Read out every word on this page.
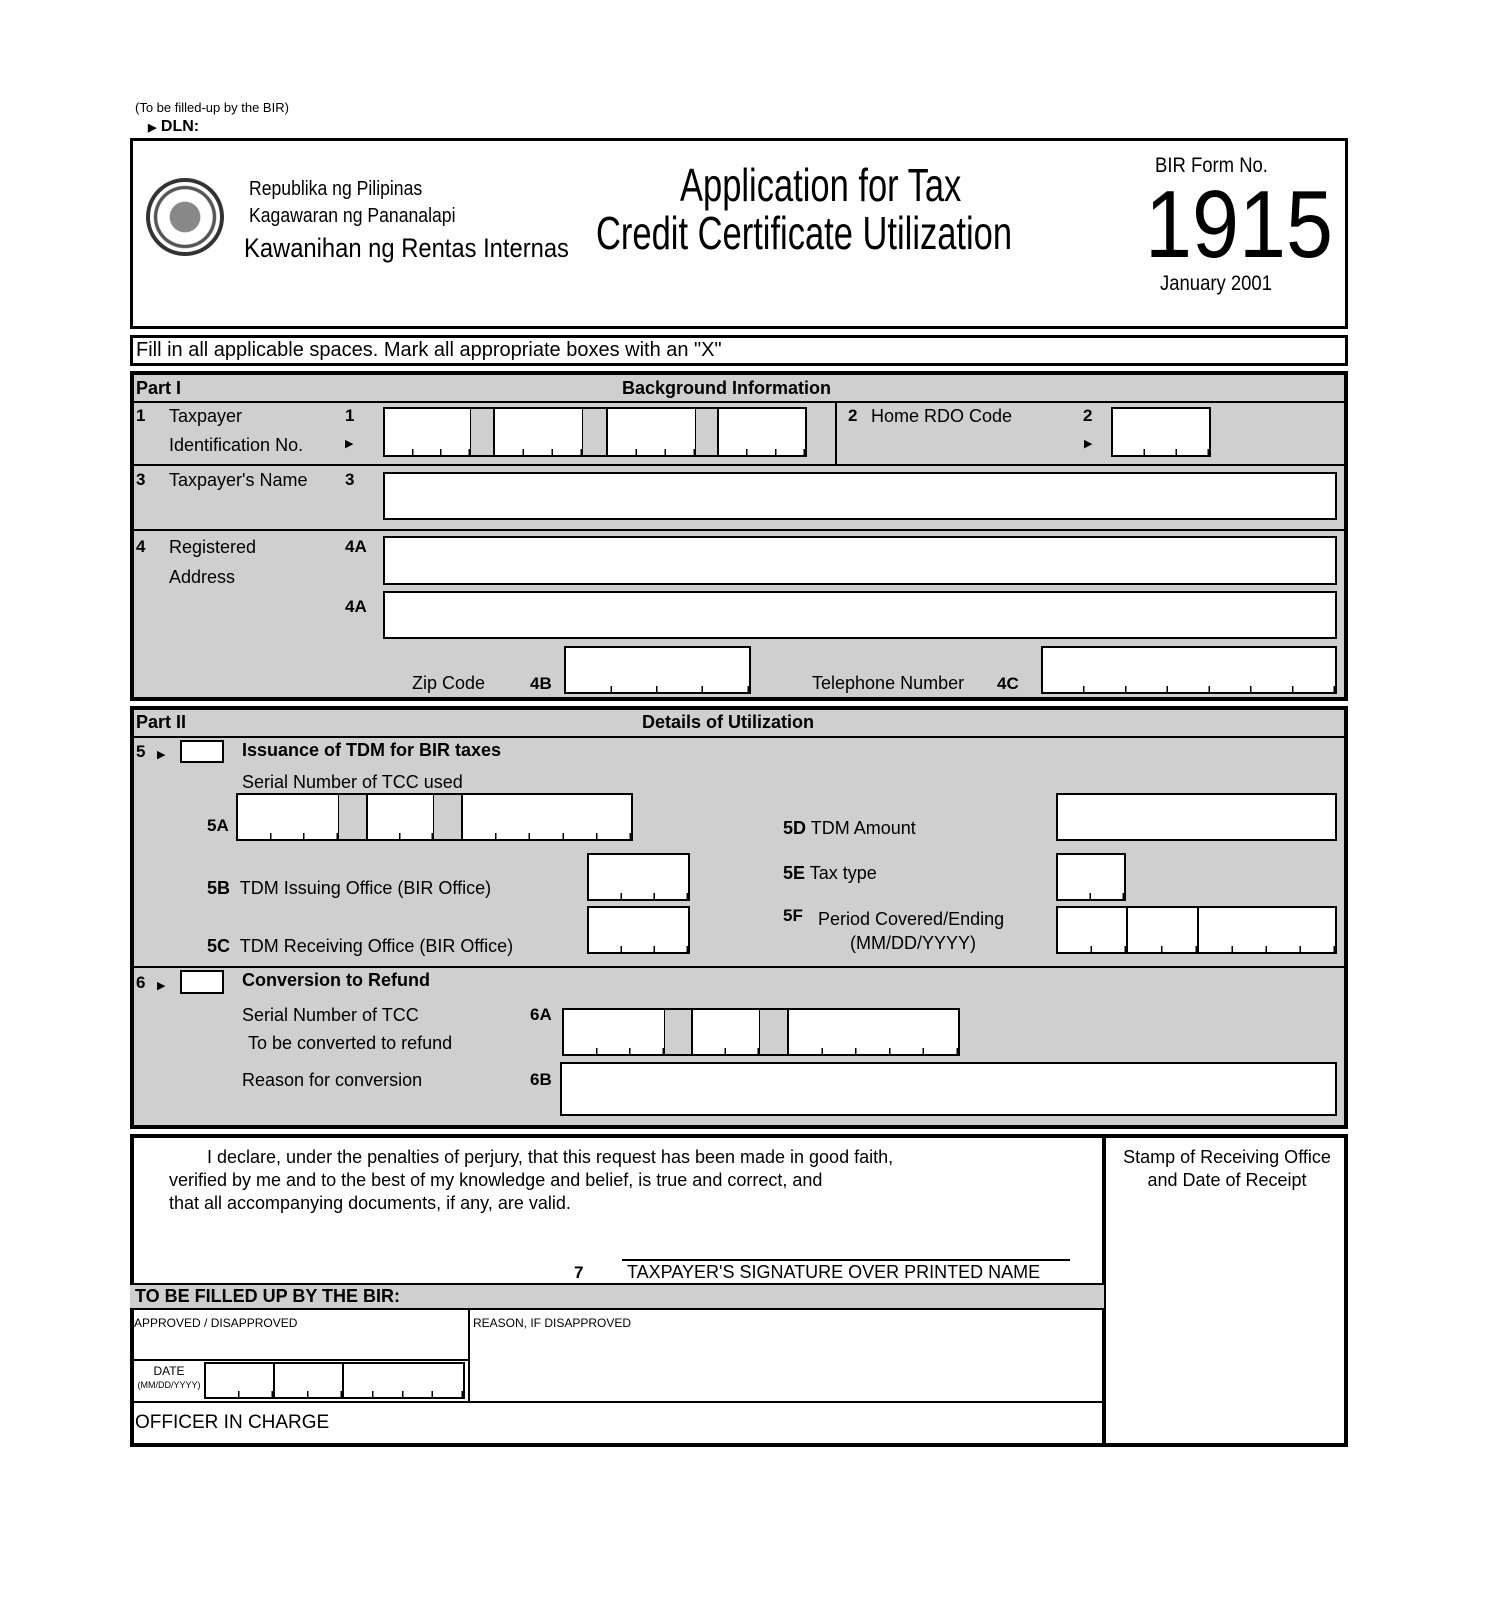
(To be filled-up by the BIR)
▶ DLN:
Republika ng Pilipinas
Kagawaran ng Pananalapi
Kawanihan ng Rentas Internas
Application for Tax
Credit Certificate Utilization
BIR Form No.
1915
January 2001
Fill in all applicable spaces. Mark all appropriate boxes with an "X"
Part I	Background Information
1 Taxpayer
Identification No.
1
▶
2 Home RDO Code	2
▶
3 Taxpayer's Name 3
4 Registered
Address
4A
4A
Zip Code	4B	Telephone Number 4C
Part II	Details of Utilization
5 ▶	Issuance of TDM for BIR taxes
Serial Number of TCC used
5A	5D TDM Amount
5B TDM Issuing Office (BIR Office)
5E Tax type
5C TDM Receiving Office (BIR Office)
5F Period Covered/Ending
(MM/DD/YYYY)
6 ▶	Conversion to Refund
Serial Number of TCC
To be converted to refund
6A
Reason for conversion	6B
I declare, under the penalties of perjury, that this request has been made in good faith,
verified by me and to the best of my knowledge and belief, is true and correct, and
that all accompanying documents, if any, are valid.
7 TAXPAYER'S SIGNATURE OVER PRINTED NAME
Stamp of Receiving Office
and Date of Receipt
TO BE FILLED UP BY THE BIR:
APPROVED / DISAPPROVED	REASON, IF DISAPPROVED
DATE
(MM/DD/YYYY)
OFFICER IN CHARGE
